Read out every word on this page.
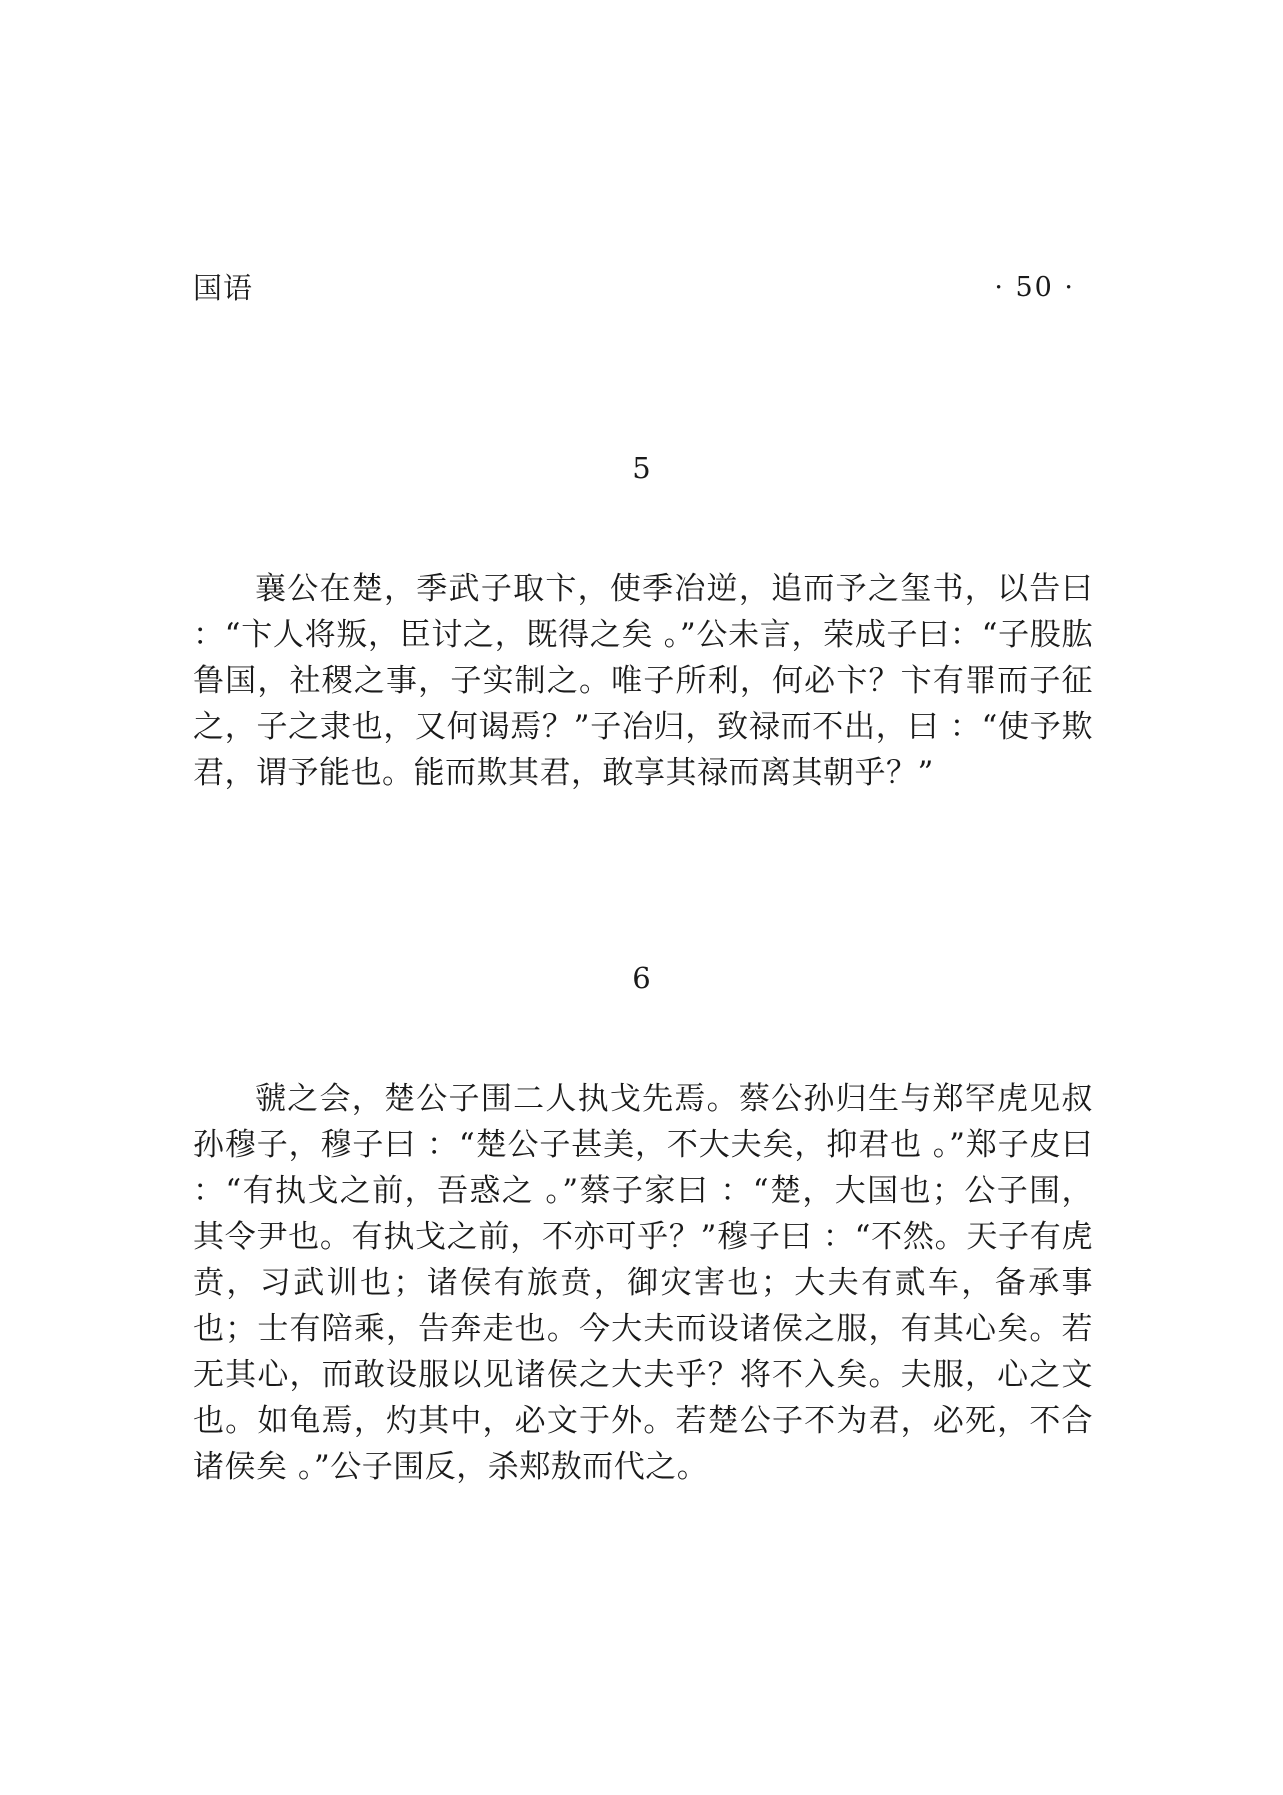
国语	· 50 ·
5

襄公在楚，季武子取卞，使季冶逆，追而予之玺书，以告曰 ：“卞人将叛，臣讨之，既得之矣 。”公未言，荣成子曰：“子股肱鲁国，社稷之事，子实制之。唯子所利，何必卞？卞有罪而子征之，子之隶也，又何谒焉？”子冶归，致禄而不出，曰 ：“使予欺君，谓予能也。能而欺其君，敢享其禄而离其朝乎？”

6

虢之会，楚公子围二人执戈先焉。蔡公孙归生与郑罕虎见叔孙穆子，穆子曰 ：“楚公子甚美，不大夫矣，抑君也 。”郑子皮曰 ：“有执戈之前，吾惑之 。”蔡子家曰 ：“楚，大国也；公子围，其令尹也。有执戈之前，不亦可乎？”穆子曰 ：“不然。天子有虎贲，习武训也；诸侯有旅贲，御灾害也；大夫有贰车，备承事也；士有陪乘，告奔走也。今大夫而设诸侯之服，有其心矣。若无其心，而敢设服以见诸侯之大夫乎？将不入矣。夫服，心之文也。如龟焉，灼其中，必文于外。若楚公子不为君，必死，不合诸侯矣 。”公子围反，杀郏敖而代之。
